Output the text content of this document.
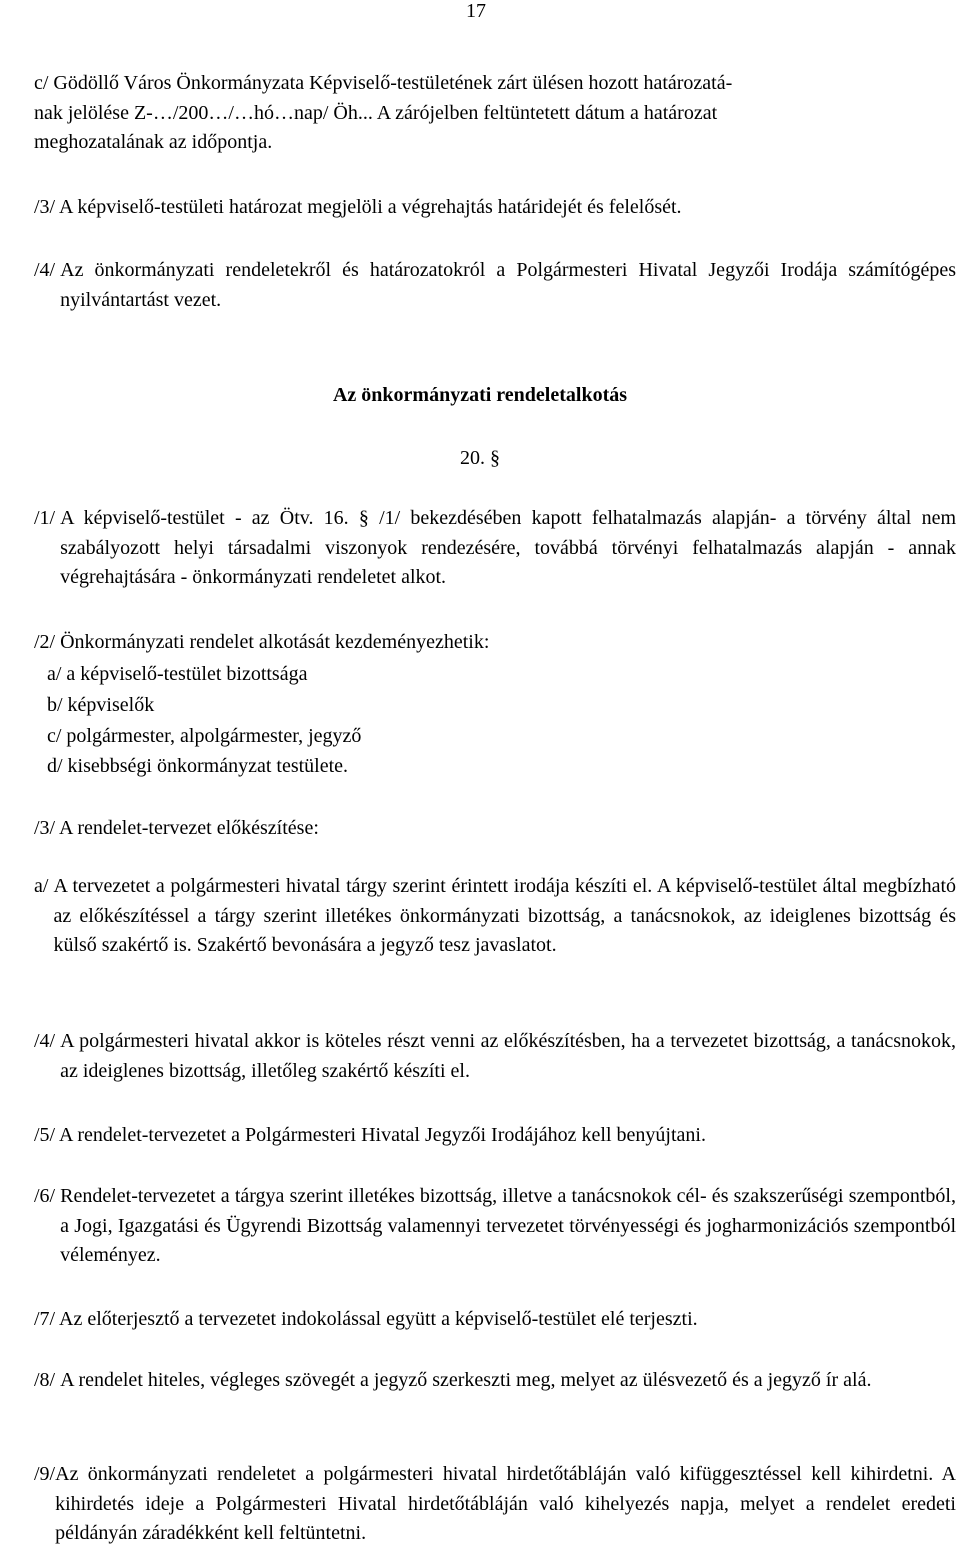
17
c/ Gödöllő Város Önkormányzata Képviselő-testületének zárt ülésen hozott határozatá-
nak jelölése Z-…/200…/…hó…nap/ Öh... A zárójelben feltüntetett dátum a határozat
meghozatalának az időpontja.
/3/ A képviselő-testületi határozat megjelöli a végrehajtás határidejét és felelősét.
/4/ Az önkormányzati rendeletekről és határozatokról a Polgármesteri Hivatal Jegyzői Irodája számítógépes nyilvántartást vezet.
Az önkormányzati rendeletalkotás
20. §
/1/ A képviselő-testület - az Ötv. 16. § /1/ bekezdésében kapott felhatalmazás alapján- a törvény által nem szabályozott helyi társadalmi viszonyok rendezésére, továbbá törvényi felhatalmazás alapján - annak végrehajtására - önkormányzati rendeletet alkot.
/2/ Önkormányzati rendelet alkotását kezdeményezhetik:
a/ a képviselő-testület bizottsága
b/ képviselők
c/ polgármester, alpolgármester, jegyző
d/ kisebbségi önkormányzat testülete.
/3/ A rendelet-tervezet előkészítése:
a/ A tervezetet a polgármesteri hivatal tárgy szerint érintett irodája készíti el. A képviselő-testület által megbízható az előkészítéssel a tárgy szerint illetékes önkormányzati bizottság, a tanácsnokok, az ideiglenes bizottság és külső szakértő is. Szakértő bevonására a jegyző tesz javaslatot.
/4/ A polgármesteri hivatal akkor is köteles részt venni az előkészítésben, ha a tervezetet bizottság, a tanácsnokok, az ideiglenes bizottság, illetőleg szakértő készíti el.
/5/ A rendelet-tervezetet a Polgármesteri Hivatal Jegyzői Irodájához kell benyújtani.
/6/ Rendelet-tervezetet a tárgya szerint illetékes bizottság, illetve a tanácsnokok cél- és szakszerűségi szempontból, a Jogi, Igazgatási és Ügyrendi Bizottság valamennyi tervezetet törvényességi és jogharmonizációs szempontból véleményez.
/7/ Az előterjesztő a tervezetet indokolással együtt a képviselő-testület elé terjeszti.
/8/ A rendelet hiteles, végleges szövegét a jegyző szerkeszti meg, melyet az ülésvezető és a jegyző ír alá.
/9/ Az önkormányzati rendeletet a polgármesteri hivatal hirdetőtábláján való kifüggesztéssel kell kihirdetni. A kihirdetés ideje a Polgármesteri Hivatal hirdetőtábláján való kihelyezés napja, melyet a rendelet eredeti példányán záradékként kell feltüntetni.
